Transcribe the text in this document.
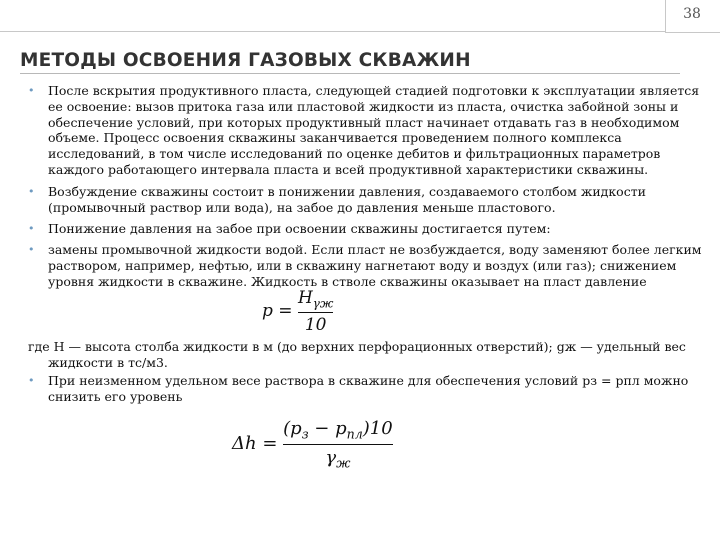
38
МЕТОДЫ ОСВОЕНИЯ ГАЗОВЫХ СКВАЖИН
• После вскрытия продуктивного пласта, следующей стадией подготовки к эксплуатации является
ее освоение: вызов притока газа или пластовой жидкости из пласта, очистка забойной зоны и
обеспечение условий, при которых продуктивный пласт начинает отдавать газ в необходимом
объеме. Процесс освоения скважины заканчивается проведением полного комплекса
исследований, в том числе исследований по оценке дебитов и фильтрационных параметров
каждого работающего интервала пласта и всей продуктивной характеристики скважины.
• Возбуждение скважины состоит в понижении давления, создаваемого столбом жидкости
(промывочный раствор или вода), на забое до давления меньше пластового.
• Понижение давления на забое при освоении скважины достигается путем:
• замены промывочной жидкости водой. Если пласт не возбуждается, воду заменяют более легким
раствором, например, нефтью, или в скважину нагнетают воду и воздух (или газ); снижением
уровня жидкости в скважине. Жидкость в стволе скважины оказывает на пласт давление
$p = \frac{H_{\gamma ж}}{10}$
где Н — высота столба жидкости в м (до верхних перфорационных отверстий); gж — удельный вес
жидкости в тс/м3.
• При неизменном удельном весе раствора в скважине для обеспечения условий рз = рпл можно
снизить его уровень
$\Delta h = \frac{(p_з - p_{пл})10}{\gamma_ж}$
